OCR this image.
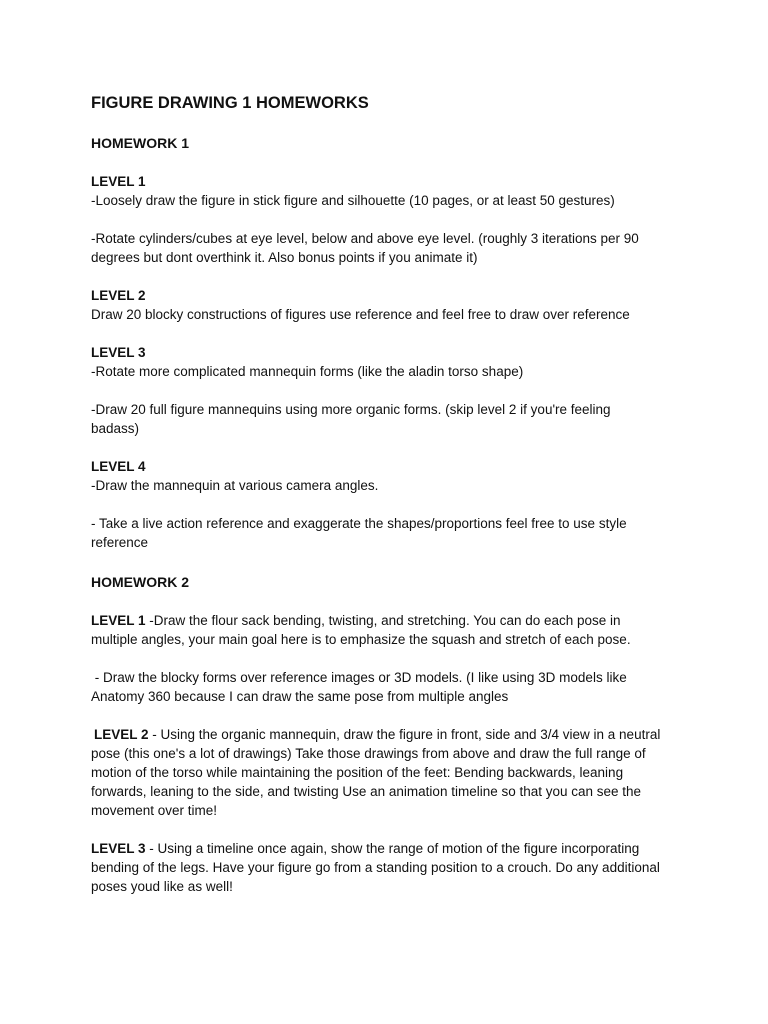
FIGURE DRAWING 1 HOMEWORKS
HOMEWORK 1
LEVEL 1

-Loosely draw the figure in stick figure and silhouette (10 pages, or at least 50 gestures)

-Rotate cylinders/cubes at eye level, below and above eye level. (roughly 3 iterations per 90

degrees but dont overthink it. Also bonus points if you animate it)

LEVEL 2

Draw 20 blocky constructions of figures use reference and feel free to draw over reference

LEVEL 3

-Rotate more complicated mannequin forms (like the aladin torso shape)

-Draw 20 full figure mannequins using more organic forms. (skip level 2 if you're feeling

badass)

LEVEL 4

-Draw the mannequin at various camera angles.

- Take a live action reference and exaggerate the shapes/proportions feel free to use style

reference

HOMEWORK 2

LEVEL 1 -Draw the flour sack bending, twisting, and stretching. You can do each pose in

multiple angles, your main goal here is to emphasize the squash and stretch of each pose.

- Draw the blocky forms over reference images or 3D models. (I like using 3D models like

Anatomy 360 because I can draw the same pose from multiple angles

LEVEL 2 - Using the organic mannequin, draw the figure in front, side and 3/4 view in a neutral

pose (this one's a lot of drawings) Take those drawings from above and draw the full range of

motion of the torso while maintaining the position of the feet: Bending backwards, leaning

forwards, leaning to the side, and twisting Use an animation timeline so that you can see the

movement over time!

LEVEL 3 - Using a timeline once again, show the range of motion of the figure incorporating

bending of the legs. Have your figure go from a standing position to a crouch. Do any additional

poses youd like as well!
